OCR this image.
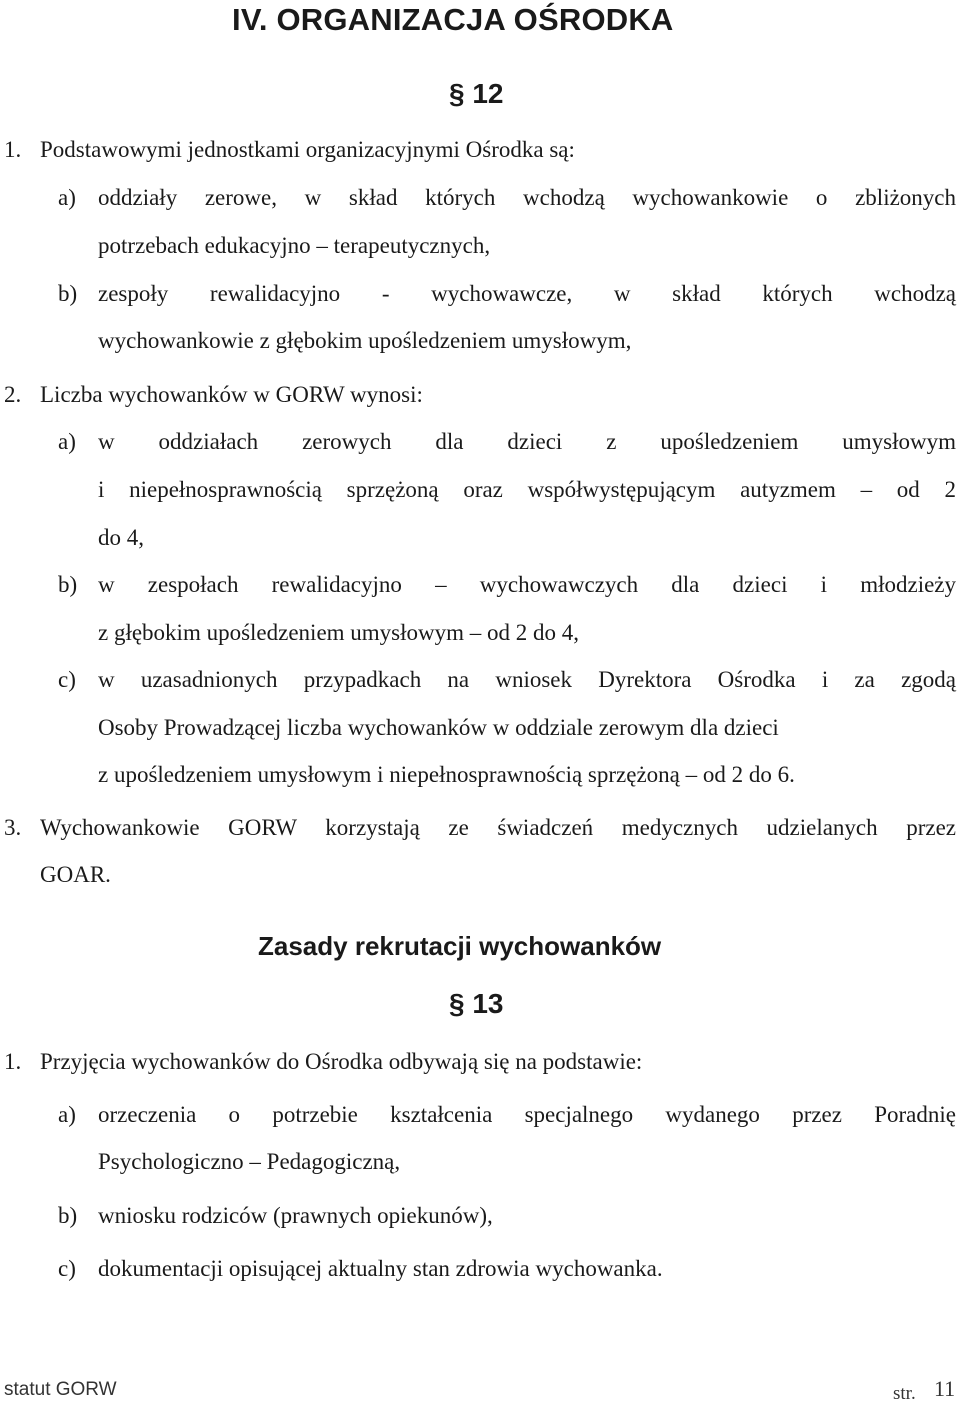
IV. ORGANIZACJA OŚRODKA
§ 12
1. Podstawowymi jednostkami organizacyjnymi Ośrodka są:
a) oddziały zerowe, w skład których wchodzą wychowankowie o zbliżonych
potrzebach edukacyjno – terapeutycznych,
b) zespoły rewalidacyjno - wychowawcze, w skład których wchodzą
wychowankowie z głębokim upośledzeniem umysłowym,
2. Liczba wychowanków w GORW wynosi:
a) w oddziałach zerowych dla dzieci z upośledzeniem umysłowym
i niepełnosprawnością sprzężoną oraz współwystępującym autyzmem – od 2
do 4,
b) w zespołach rewalidacyjno – wychowawczych dla dzieci i młodzieży
z głębokim upośledzeniem umysłowym – od 2 do 4,
c) w uzasadnionych przypadkach na wniosek Dyrektora Ośrodka i za zgodą
Osoby Prowadzącej liczba wychowanków w oddziale zerowym dla dzieci
z upośledzeniem umysłowym i niepełnosprawnością sprzężoną – od 2 do 6.
3. Wychowankowie GORW korzystają ze świadczeń medycznych udzielanych przez
GOAR.
Zasady rekrutacji wychowanków
§ 13
1. Przyjęcia wychowanków do Ośrodka odbywają się na podstawie:
a) orzeczenia o potrzebie kształcenia specjalnego wydanego przez Poradnię
Psychologiczno – Pedagogiczną,
b) wniosku rodziców (prawnych opiekunów),
c) dokumentacji opisującej aktualny stan zdrowia wychowanka.
statut GORW	str. 11
